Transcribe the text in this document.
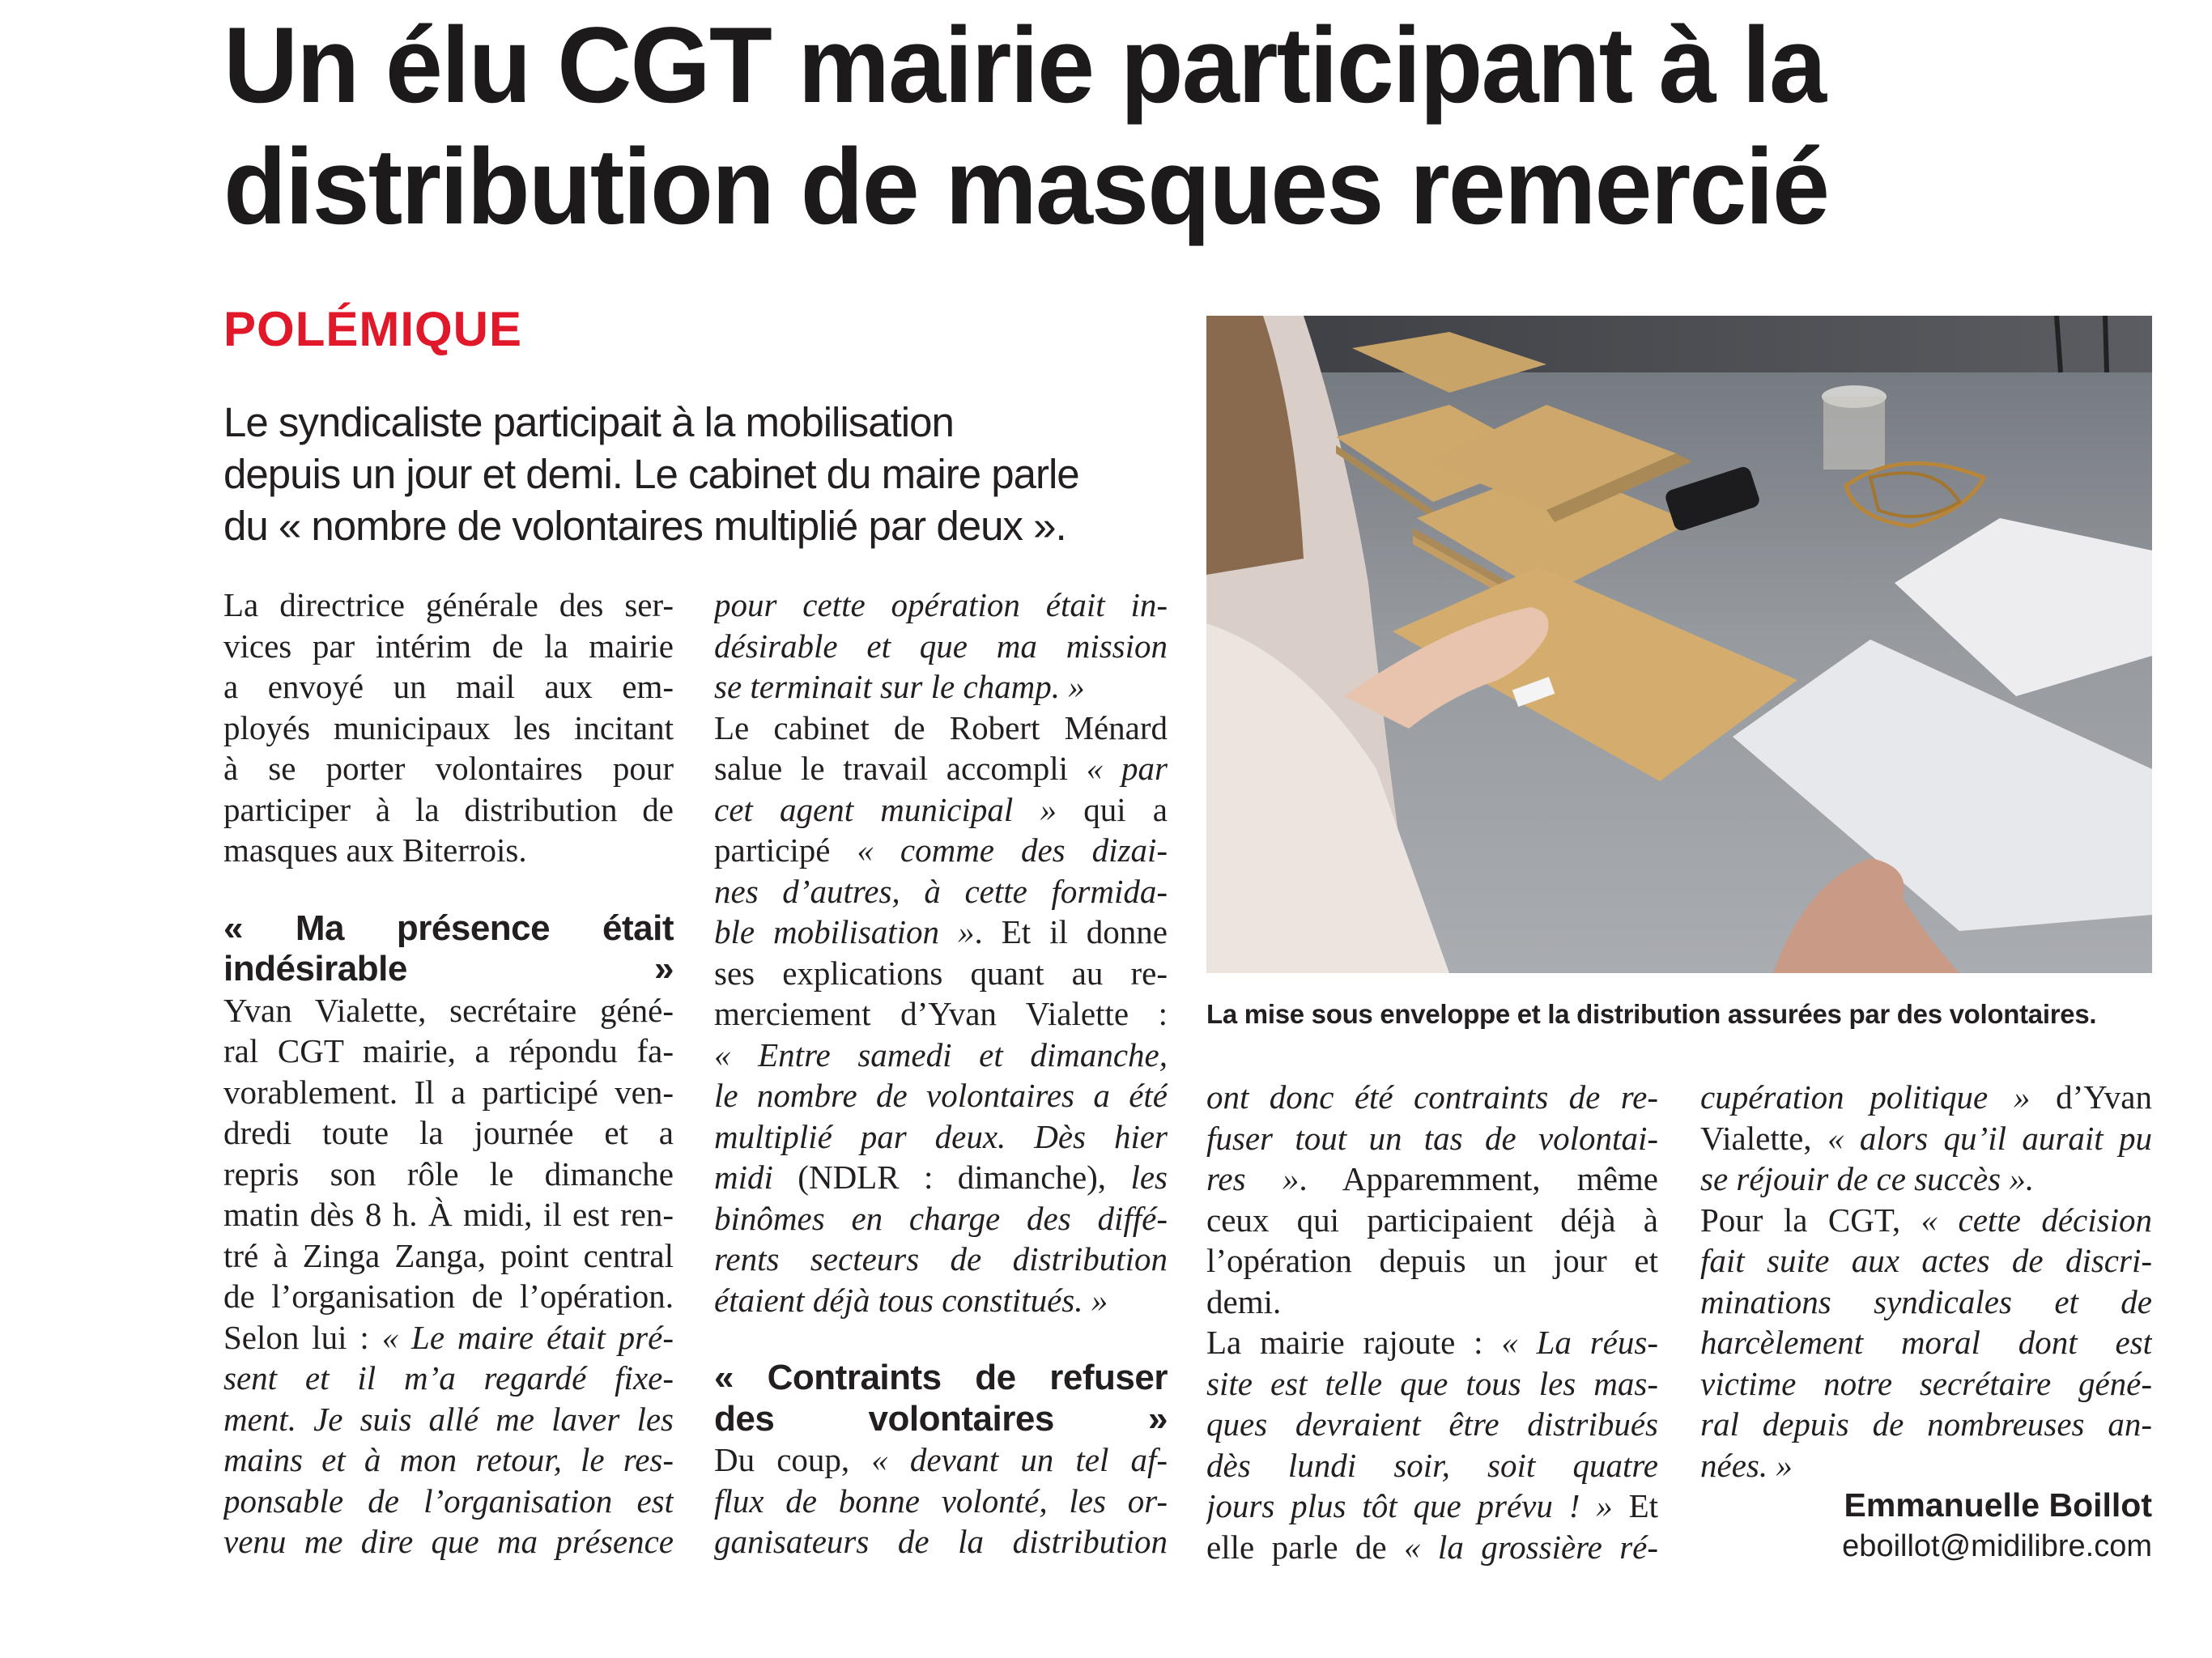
Un élu CGT mairie participant à la
distribution de masques remercié

POLÉMIQUE

Le syndicaliste participait à la mobilisation
depuis un jour et demi. Le cabinet du maire parle
du « nombre de volontaires multiplié par deux ».

La directrice générale des ser-
vices par intérim de la mairie
a envoyé un mail aux em-
ployés municipaux les incitant
à se porter volontaires pour
participer à la distribution de
masques aux Biterrois.
« Ma présence était
indésirable »
Yvan Vialette, secrétaire géné-
ral CGT mairie, a répondu fa-
vorablement. Il a participé ven-
dredi toute la journée et a
repris son rôle le dimanche
matin dès 8 h. À midi, il est ren-
tré à Zinga Zanga, point central
de l’organisation de l’opération.
Selon lui : « Le maire était pré-
sent et il m’a regardé fixe-
ment. Je suis allé me laver les
mains et à mon retour, le res-
ponsable de l’organisation est
venu me dire que ma présence
pour cette opération était in-
désirable et que ma mission
se terminait sur le champ. »
Le cabinet de Robert Ménard
salue le travail accompli « par
cet agent municipal » qui a
participé « comme des dizai-
nes d’autres, à cette formida-
ble mobilisation ». Et il donne
ses explications quant au re-
merciement d’Yvan Vialette :
« Entre samedi et dimanche,
le nombre de volontaires a été
multiplié par deux. Dès hier
midi (NDLR : dimanche), les
binômes en charge des diffé-
rents secteurs de distribution
étaient déjà tous constitués. »
« Contraints de refuser
des volontaires »
Du coup, « devant un tel af-
flux de bonne volonté, les or-
ganisateurs de la distribution

La mise sous enveloppe et la distribution assurées par des volontaires.

ont donc été contraints de re-
fuser tout un tas de volontai-
res ». Apparemment, même
ceux qui participaient déjà à
l’opération depuis un jour et
demi.
La mairie rajoute : « La réus-
site est telle que tous les mas-
ques devraient être distribués
dès lundi soir, soit quatre
jours plus tôt que prévu ! » Et
elle parle de « la grossière ré-
cupération politique » d’Yvan
Vialette, « alors qu’il aurait pu
se réjouir de ce succès ».
Pour la CGT, « cette décision
fait suite aux actes de discri-
minations syndicales et de
harcèlement moral dont est
victime notre secrétaire géné-
ral depuis de nombreuses an-
nées. »
Emmanuelle Boillot
eboillot@midilibre.com
